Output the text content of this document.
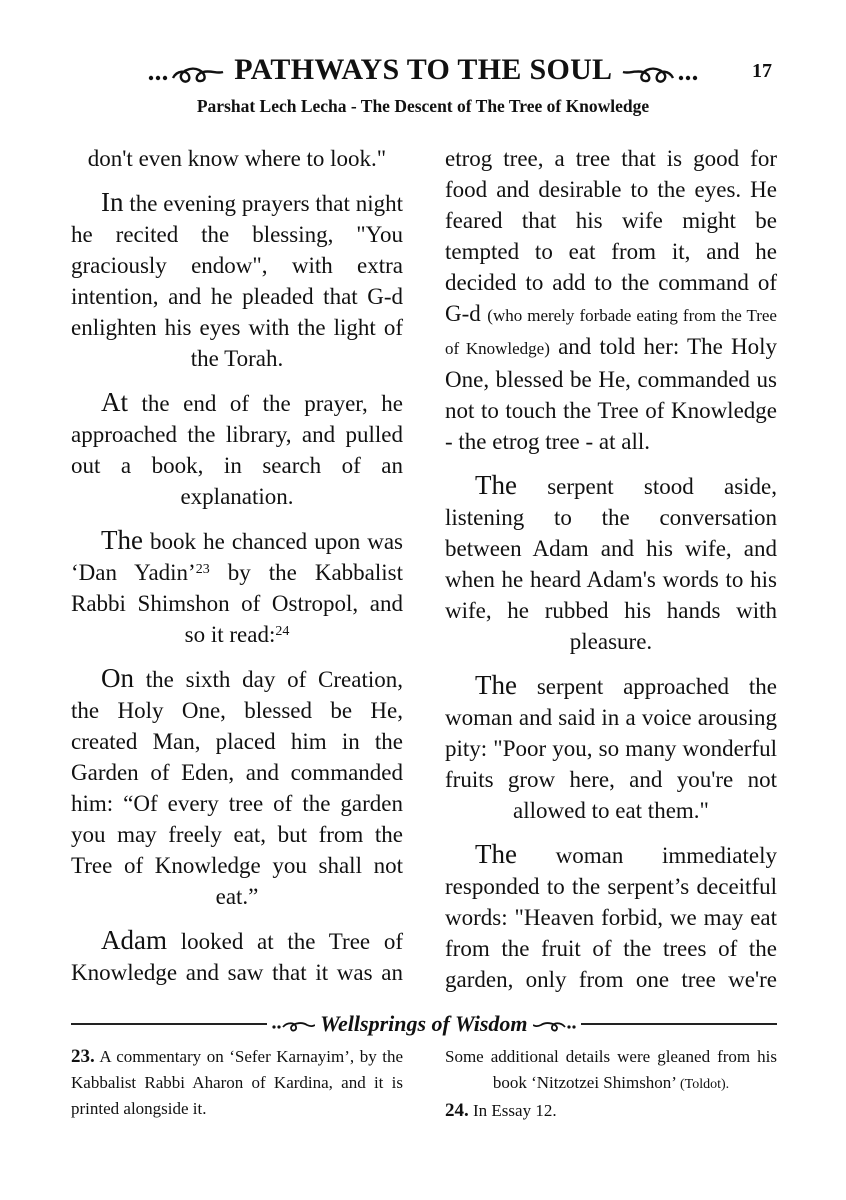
PATHWAYS TO THE SOUL	17
Parshat Lech Lecha - The Descent of The Tree of Knowledge

don't even know where to look."

In the evening prayers that night he recited the blessing, "You graciously endow", with extra intention, and he pleaded that G-d enlighten his eyes with the light of the Torah.

At the end of the prayer, he approached the library, and pulled out a book, in search of an explanation.

The book he chanced upon was ‘Dan Yadin’$^{23}$ by the Kabbalist Rabbi Shimshon of Ostropol, and so it read:$^{24}$

On the sixth day of Creation, the Holy One, blessed be He, created Man, placed him in the Garden of Eden, and commanded him: “Of every tree of the garden you may freely eat, but from the Tree of Knowledge you shall not eat.”

Adam looked at the Tree of Knowledge and saw that it was an

etrog tree, a tree that is good for food and desirable to the eyes. He feared that his wife might be tempted to eat from it, and he decided to add to the command of G-d (who merely forbade eating from the Tree of Knowledge) and told her: The Holy One, blessed be He, commanded us not to touch the Tree of Knowledge - the etrog tree - at all.

The serpent stood aside, listening to the conversation between Adam and his wife, and when he heard Adam's words to his wife, he rubbed his hands with pleasure.

The serpent approached the woman and said in a voice arousing pity: "Poor you, so many wonderful fruits grow here, and you're not allowed to eat them."

The woman immediately responded to the serpent’s deceitful words: "Heaven forbid, we may eat from the fruit of the trees of the garden, only from one tree we're

Wellsprings of Wisdom

23. A commentary on ‘Sefer Karnayim’, by the Kabbalist Rabbi Aharon of Kardina, and it is printed alongside it.

Some additional details were gleaned from his book ‘Nitzotzei Shimshon’ (Toldot).

24. In Essay 12.
